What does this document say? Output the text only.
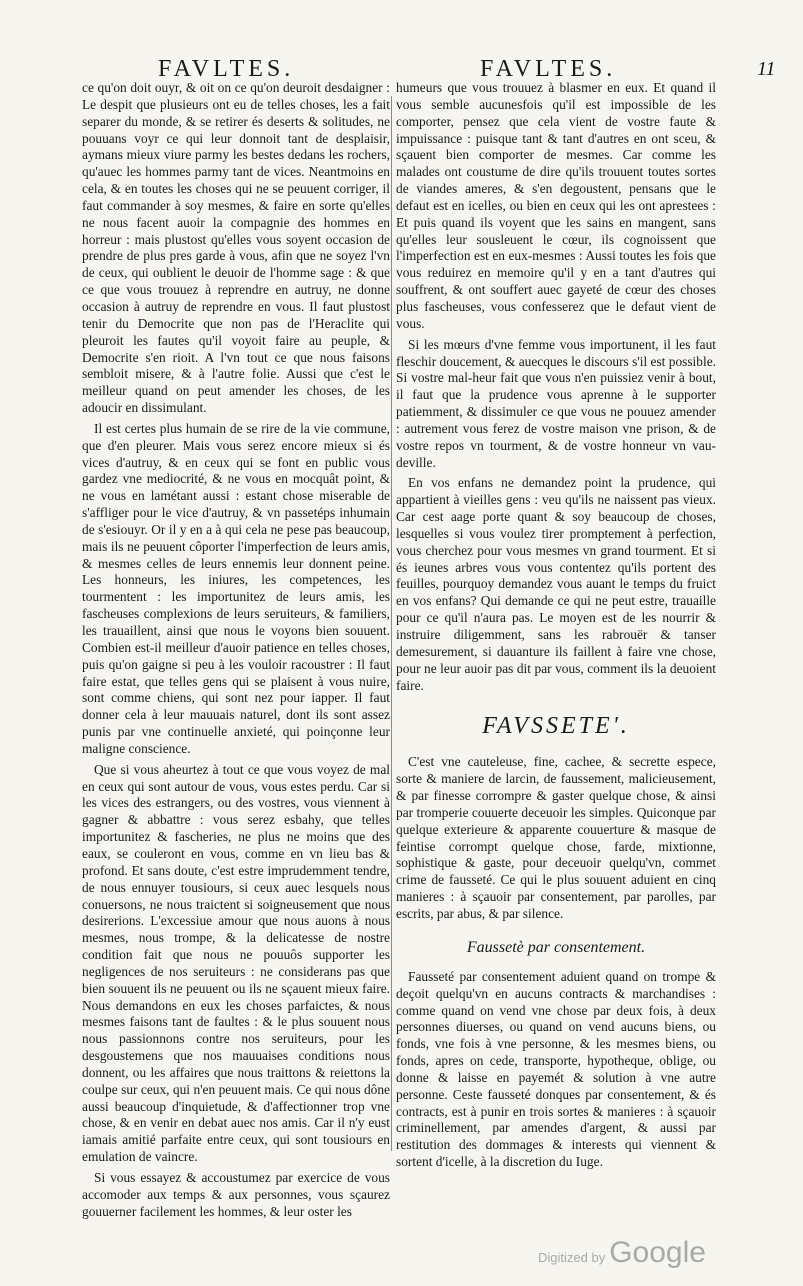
FAVLTES.	FAVLTES.	11

ce qu'on doit ouyr, & oit on ce qu'on deuroit desdaigner : Le despit que plusieurs ont eu de telles choses, les a fait separer du monde, & se retirer és deserts & solitudes, ne pouuans voyr ce qui leur donnoit tant de desplaisir, aymans mieux viure parmy les bestes dedans les rochers, qu'auec les hommes parmy tant de vices. Neantmoins en cela, & en toutes les choses qui ne se peuuent corriger, il faut commander à soy mesmes, & faire en sorte qu'elles ne nous facent auoir la compagnie des hommes en horreur : mais plustost qu'elles vous soyent occasion de prendre de plus pres garde à vous, afin que ne soyez l'vn de ceux, qui oublient le deuoir de l'homme sage : & que ce que vous trouuez à reprendre en autruy, ne donne occasion à autruy de reprendre en vous. Il faut plustost tenir du Democrite que non pas de l'Heraclite qui pleuroit les fautes qu'il voyoit faire au peuple, & Democrite s'en rioit. A l'vn tout ce que nous faisons sembloit misere, & à l'autre folie. Aussi que c'est le meilleur quand on peut amender les choses, de les adoucir en dissimulant.

Il est certes plus humain de se rire de la vie commune, que d'en pleurer. Mais vous serez encore mieux si és vices d'autruy, & en ceux qui se font en public vous gardez vne mediocrité, & ne vous en mocquât point, & ne vous en lamétant aussi : estant chose miserable de s'affliger pour le vice d'autruy, & vn passetéps inhumain de s'esiouyr. Or il y en a à qui cela ne pese pas beaucoup, mais ils ne peuuent côporter l'imperfection de leurs amis, & mesmes celles de leurs ennemis leur donnent peine. Les honneurs, les iniures, les competences, les tourmentent : les importunitez de leurs amis, les fascheuses complexions de leurs seruiteurs, & familiers, les trauaillent, ainsi que nous le voyons bien souuent. Combien est-il meilleur d'auoir patience en telles choses, puis qu'on gaigne si peu à les vouloir racoustrer : Il faut faire estat, que telles gens qui se plaisent à vous nuire, sont comme chiens, qui sont nez pour iapper. Il faut donner cela à leur mauuais naturel, dont ils sont assez punis par vne continuelle anxieté, qui poinçonne leur maligne conscience.

Que si vous aheurtez à tout ce que vous voyez de mal en ceux qui sont autour de vous, vous estes perdu. Car si les vices des estrangers, ou des vostres, vous viennent à gagner & abbattre : vous serez esbahy, que telles importunitez & fascheries, ne plus ne moins que des eaux, se couleront en vous, comme en vn lieu bas & profond. Et sans doute, c'est estre imprudemment tendre, de nous ennuyer tousiours, si ceux auec lesquels nous conuersons, ne nous traictent si soigneusement que nous desirerions. L'excessiue amour que nous auons à nous mesmes, nous trompe, & la delicatesse de nostre condition fait que nous ne pouuôs supporter les negligences de nos seruiteurs : ne considerans pas que bien souuent ils ne peuuent ou ils ne sçauent mieux faire. Nous demandons en eux les choses parfaictes, & nous mesmes faisons tant de faultes : & le plus souuent nous nous passionnons contre nos seruiteurs, pour les desgoustemens que nos mauuaises conditions nous donnent, ou les affaires que nous traittons & reiettons la coulpe sur ceux, qui n'en peuuent mais. Ce qui nous dône aussi beaucoup d'inquietude, & d'affectionner trop vne chose, & en venir en debat auec nos amis. Car il n'y eust iamais amitié parfaite entre ceux, qui sont tousiours en emulation de vaincre.

Si vous essayez & accoustumez par exercice de vous accomoder aux temps & aux personnes, vous sçaurez gouuerner facilement les hommes, & leur oster les

humeurs que vous trouuez à blasmer en eux. Et quand il vous semble aucunesfois qu'il est impossible de les comporter, pensez que cela vient de vostre faute & impuissance : puisque tant & tant d'autres en ont sceu, & sçauent bien comporter de mesmes. Car comme les malades ont coustume de dire qu'ils trouuent toutes sortes de viandes ameres, & s'en degoustent, pensans que le defaut est en icelles, ou bien en ceux qui les ont aprestees : Et puis quand ils voyent que les sains en mangent, sans qu'elles leur sousleuent le cœur, ils cognoissent que l'imperfection est en eux-mesmes : Aussi toutes les fois que vous reduirez en memoire qu'il y en a tant d'autres qui souffrent, & ont souffert auec gayeté de cœur des choses plus fascheuses, vous confesserez que le defaut vient de vous.

Si les mœurs d'vne femme vous importunent, il les faut fleschir doucement, & auecques le discours s'il est possible. Si vostre mal-heur fait que vous n'en puissiez venir à bout, il faut que la prudence vous aprenne à le supporter patiemment, & dissimuler ce que vous ne pouuez amender : autrement vous ferez de vostre maison vne prison, & de vostre repos vn tourment, & de vostre honneur vn vau-deville.

En vos enfans ne demandez point la prudence, qui appartient à vieilles gens : veu qu'ils ne naissent pas vieux. Car cest aage porte quant & soy beaucoup de choses, lesquelles si vous voulez tirer promptement à perfection, vous cherchez pour vous mesmes vn grand tourment. Et si és ieunes arbres vous vous contentez qu'ils portent des feuilles, pourquoy demandez vous auant le temps du fruict en vos enfans? Qui demande ce qui ne peut estre, trauaille pour ce qu'il n'aura pas. Le moyen est de les nourrir & instruire diligemment, sans les rabrouër & tanser demesurement, si dauanture ils faillent à faire vne chose, pour ne leur auoir pas dit par vous, comment ils la deuoient faire.

FAVSSETE'.

C'est vne cauteleuse, fine, cachee, & secrette espece, sorte & maniere de larcin, de faussement, malicieusement, & par finesse corrompre & gaster quelque chose, & ainsi par tromperie couuerte deceuoir les simples. Quiconque par quelque exterieure & apparente couuerture & masque de feintise corrompt quelque chose, farde, mixtionne, sophistique & gaste, pour deceuoir quelqu'vn, commet crime de fausseté. Ce qui le plus souuent aduient en cinq manieres : à sçauoir par consentement, par parolles, par escrits, par abus, & par silence.

Faussetè par consentement.

Fausseté par consentement aduient quand on trompe & deçoit quelqu'vn en aucuns contracts & marchandises : comme quand on vend vne chose par deux fois, à deux personnes diuerses, ou quand on vend aucuns biens, ou fonds, vne fois à vne personne, & les mesmes biens, ou fonds, apres on cede, transporte, hypotheque, oblige, ou donne & laisse en payemét & solution à vne autre personne. Ceste fausseté donques par consentement, & és contracts, est à punir en trois sortes & manieres : à sçauoir criminellement, par amendes d'argent, & aussi par restitution des dommages & interests qui viennent & sortent d'icelle, à la discretion du Iuge.

Digitized by Google
